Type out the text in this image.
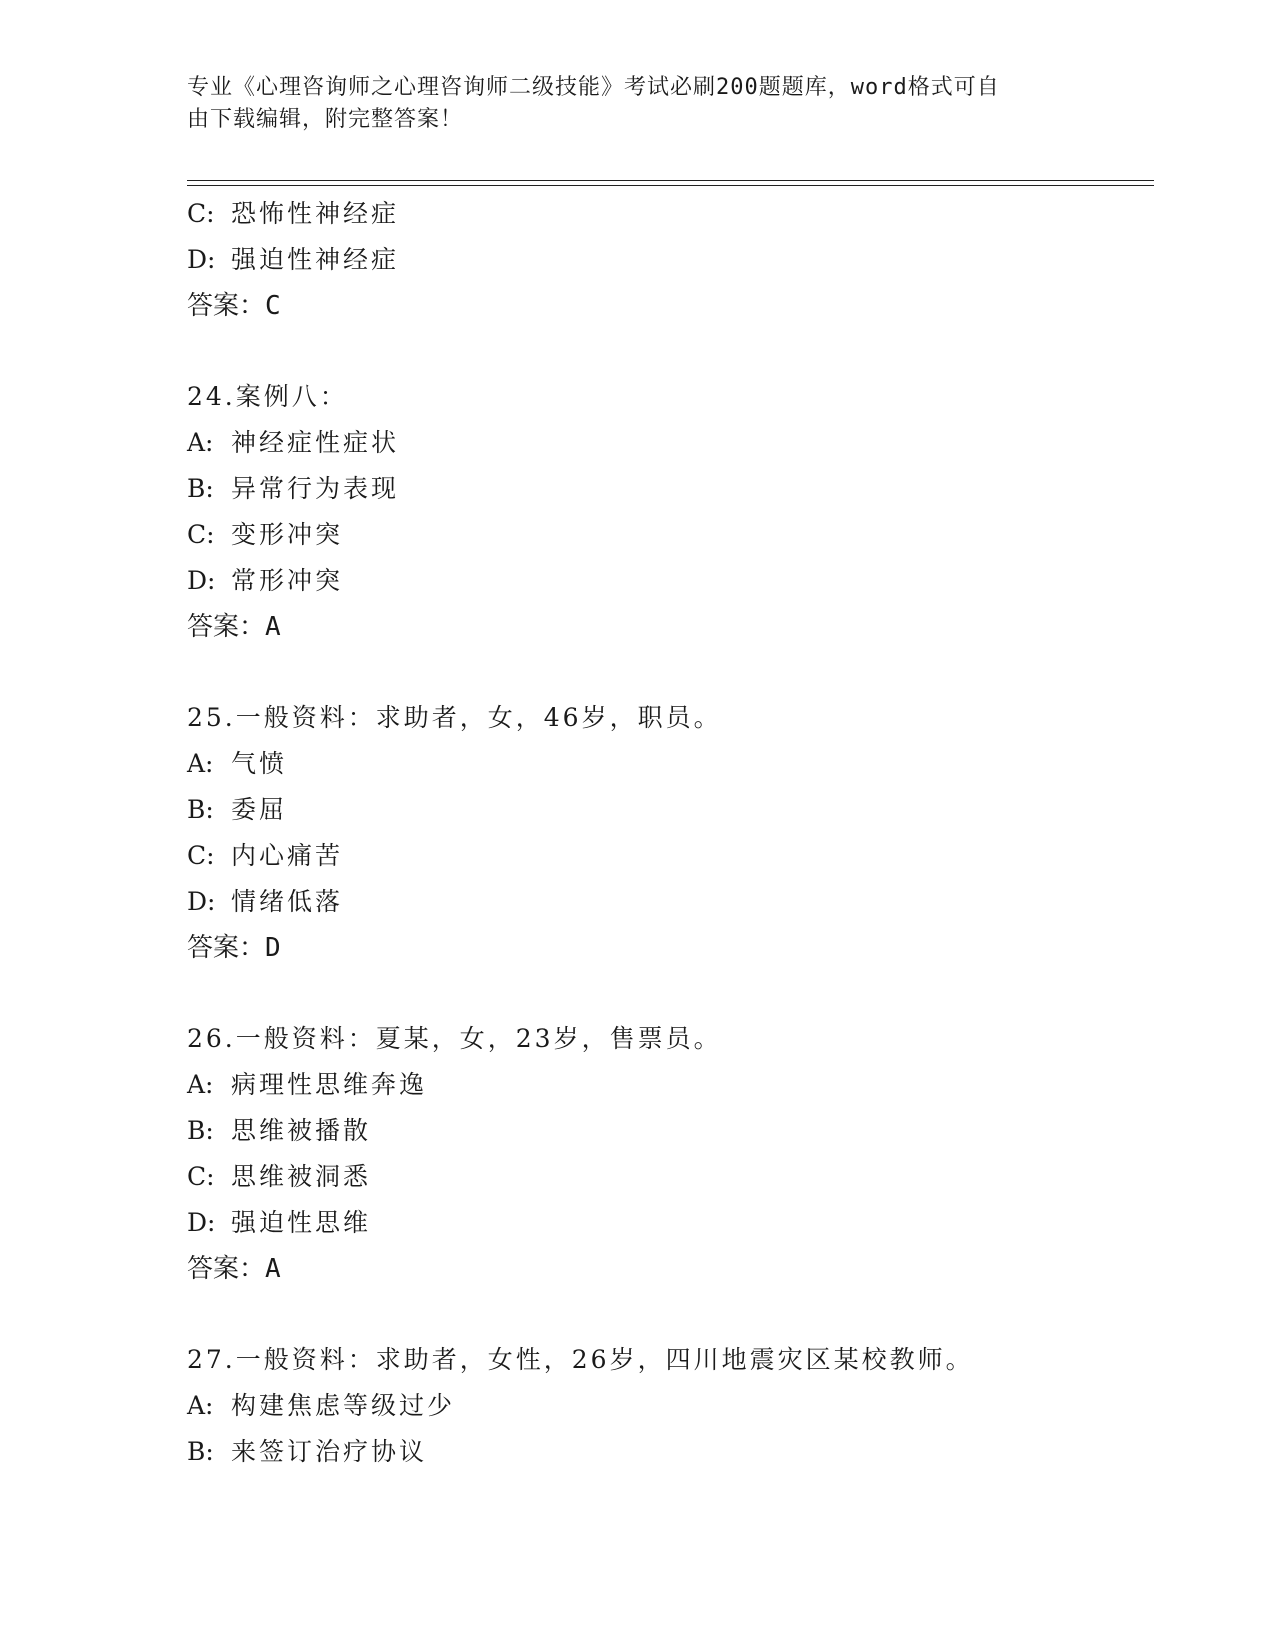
专业《心理咨询师之心理咨询师二级技能》考试必刷200题题库，word格式可自
由下载编辑，附完整答案！
C: 恐怖性神经症
D: 强迫性神经症
答案：C
24.案例八：
A: 神经症性症状
B: 异常行为表现
C: 变形冲突
D: 常形冲突
答案：A
25.一般资料：求助者，女，46岁，职员。
A: 气愤
B: 委屈
C: 内心痛苦
D: 情绪低落
答案：D
26.一般资料：夏某，女，23岁，售票员。
A: 病理性思维奔逸
B: 思维被播散
C: 思维被洞悉
D: 强迫性思维
答案：A
27.一般资料：求助者，女性，26岁，四川地震灾区某校教师。
A: 构建焦虑等级过少
B: 来签订治疗协议
